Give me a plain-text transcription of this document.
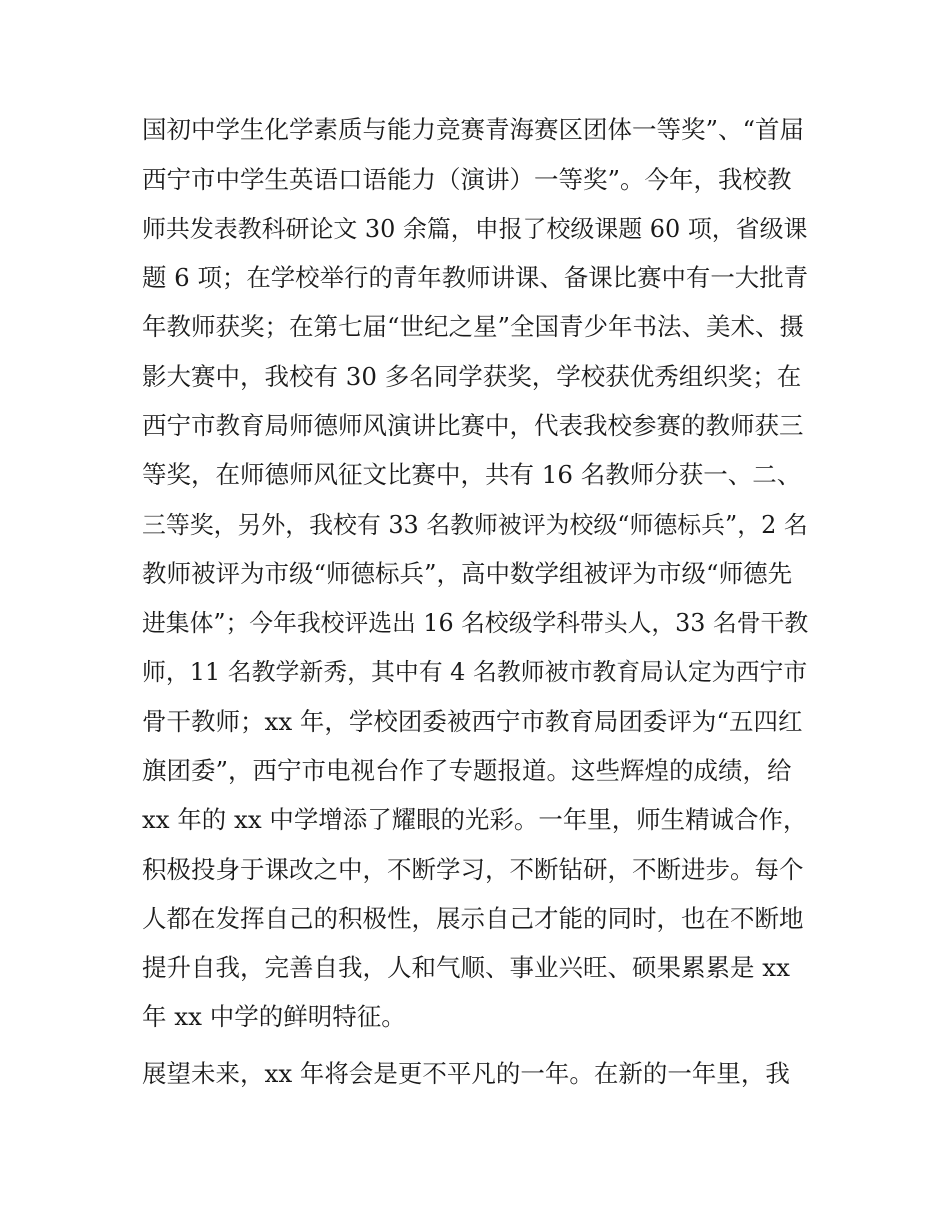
国初中学生化学素质与能力竞赛青海赛区团体一等奖”、“首届
西宁市中学生英语口语能力（演讲）一等奖”。今年，我校教
师共发表教科研论文 30 余篇，申报了校级课题 60 项，省级课
题 6 项；在学校举行的青年教师讲课、备课比赛中有一大批青
年教师获奖；在第七届“世纪之星”全国青少年书法、美术、摄
影大赛中，我校有 30 多名同学获奖，学校获优秀组织奖；在
西宁市教育局师德师风演讲比赛中，代表我校参赛的教师获三
等奖，在师德师风征文比赛中，共有 16 名教师分获一、二、
三等奖，另外，我校有 33 名教师被评为校级“师德标兵”，2 名
教师被评为市级“师德标兵”，高中数学组被评为市级“师德先
进集体”；今年我校评选出 16 名校级学科带头人，33 名骨干教
师，11 名教学新秀，其中有 4 名教师被市教育局认定为西宁市
骨干教师；xx 年，学校团委被西宁市教育局团委评为“五四红
旗团委”，西宁市电视台作了专题报道。这些辉煌的成绩，给
xx 年的 xx 中学增添了耀眼的光彩。一年里，师生精诚合作，
积极投身于课改之中，不断学习，不断钻研，不断进步。每个
人都在发挥自己的积极性，展示自己才能的同时，也在不断地
提升自我，完善自我，人和气顺、事业兴旺、硕果累累是 xx
年 xx 中学的鲜明特征。
展望未来，xx 年将会是更不平凡的一年。在新的一年里，我
